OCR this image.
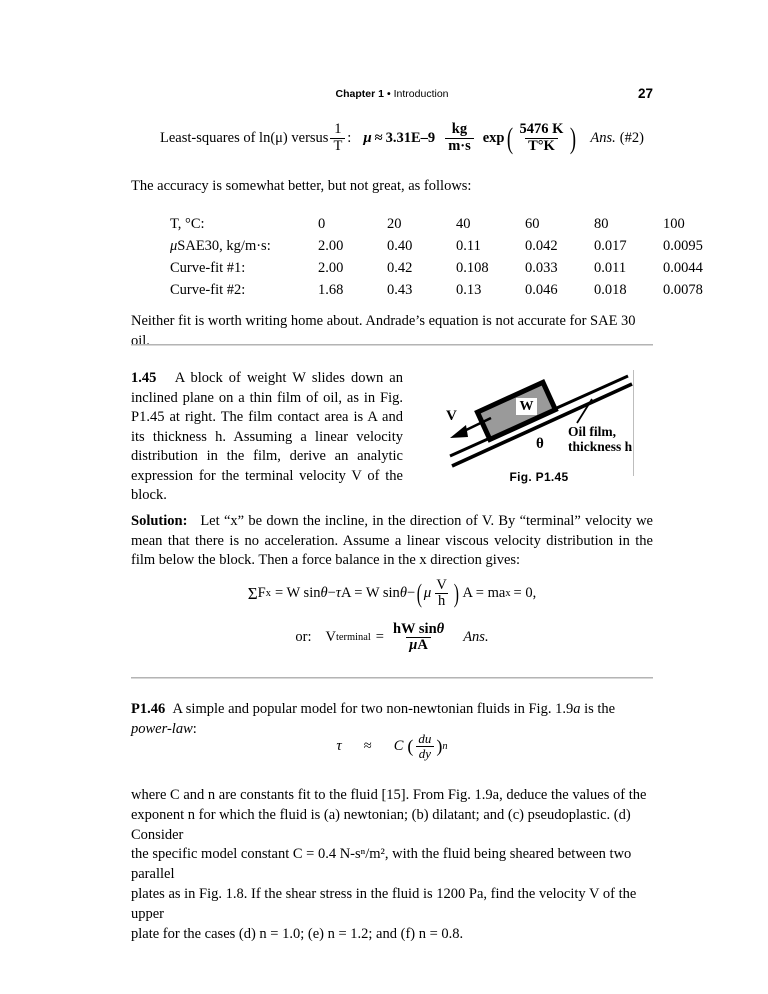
Chapter 1 • Introduction	27
Least-squares of ln(μ) versus $\frac{1}{T}$ : $\mu \approx 3.31E-9 \frac{kg}{m\cdot s}$ exp ( $\frac{5476 K}{T^\circ K}$ ) Ans. (#2)
The accuracy is somewhat better, but not great, as follows:
T, °C:	0	20	40	60	80	100
μSAE30, kg/m·s:	2.00	0.40	0.11	0.042	0.017	0.0095
Curve-fit #1:	2.00	0.42	0.108	0.033	0.011	0.0044
Curve-fit #2:	1.68	0.43	0.13	0.046	0.018	0.0078
Neither fit is worth writing home about. Andrade’s equation is not accurate for SAE 30 oil.
1.45 A block of weight W slides down an inclined plane on a thin film of oil, as in Fig. P1.45 at right. The film contact area is A and its thickness h. Assuming a linear velocity distribution in the film, derive an analytic expression for the terminal velocity V of the block.
V
W
θ
Oil film,
thickness h
Fig. P1.45
Solution: Let “x” be down the incline, in the direction of V. By “terminal” velocity we mean that there is no acceleration. Assume a linear viscous velocity distribution in the film below the block. Then a force balance in the x direction gives:
Σ F x = W sin θ − τ A = W sin θ − ( μ $\frac{V}{h}$ ) A = ma x = 0,
or: V terminal = $\frac{\text{hW sinθ}}{\mu A}$ Ans.
P1.46 A simple and popular model for two non-newtonian fluids in Fig. 1.9a is the power-law:
τ ≈ C ( $\frac{du}{dy}$ ) n
where C and n are constants fit to the fluid [15]. From Fig. 1.9a, deduce the values of the
exponent n for which the fluid is (a) newtonian; (b) dilatant; and (c) pseudoplastic. (d) Consider
the specific model constant C = 0.4 N-sⁿ/m², with the fluid being sheared between two parallel
plates as in Fig. 1.8. If the shear stress in the fluid is 1200 Pa, find the velocity V of the upper
plate for the cases (d) n = 1.0; (e) n = 1.2; and (f) n = 0.8.
